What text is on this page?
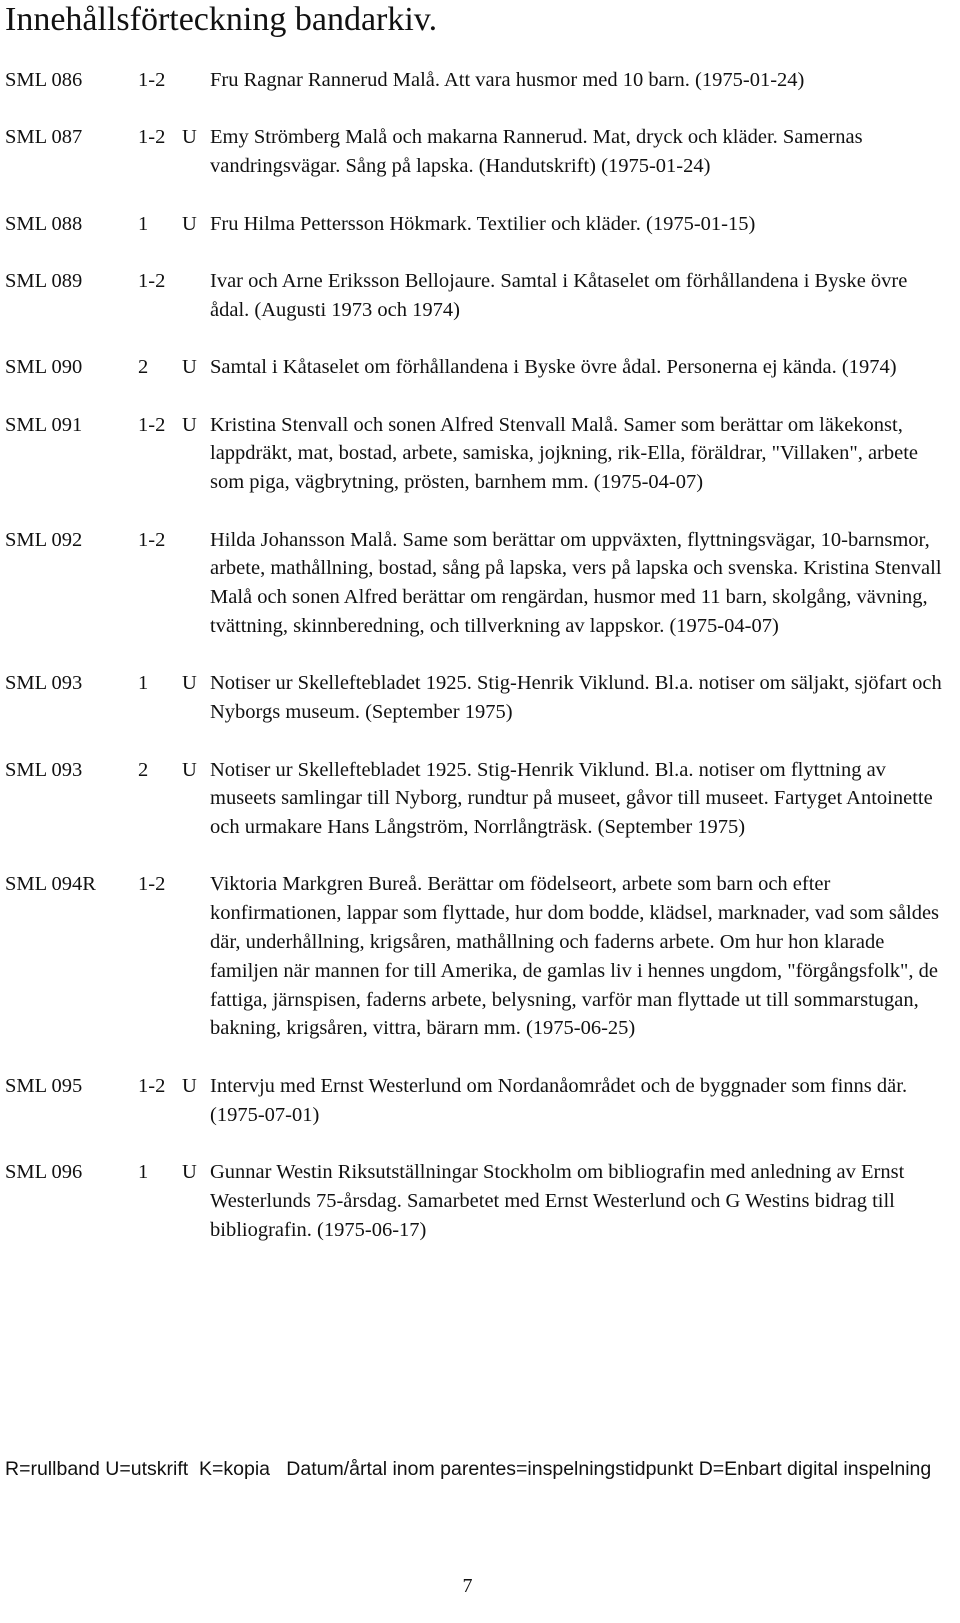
Innehållsförteckning bandarkiv.
SML 086	1-2	Fru Ragnar Rannerud Malå. Att vara husmor med 10 barn. (1975-01-24)
SML 087	1-2 U Emy Strömberg Malå och makarna Rannerud. Mat, dryck och kläder. Samernas vandringsvägar. Sång på lapska. (Handutskrift) (1975-01-24)
SML 088	1	U Fru Hilma Pettersson Hökmark. Textilier och kläder. (1975-01-15)
SML 089	1-2	Ivar och Arne Eriksson Bellojaure. Samtal i Kåtaselet om förhållandena i Byske övre ådal. (Augusti 1973 och 1974)
SML 090	2	U Samtal i Kåtaselet om förhållandena i Byske övre ådal. Personerna ej kända. (1974)
SML 091	1-2 U Kristina Stenvall och sonen Alfred Stenvall Malå. Samer som berättar om läkekonst, lappdräkt, mat, bostad, arbete, samiska, jojkning, rik-Ella, föräldrar, "Villaken", arbete som piga, vägbrytning, prösten, barnhem mm. (1975-04-07)
SML 092	1-2	Hilda Johansson Malå. Same som berättar om uppväxten, flyttningsvägar, 10-barnsmor, arbete, mathållning, bostad, sång på lapska, vers på lapska och svenska. Kristina Stenvall Malå och sonen Alfred berättar om rengärdan, husmor med 11 barn, skolgång, vävning, tvättning, skinnberedning, och tillverkning av lappskor. (1975-04-07)
SML 093	1	U Notiser ur Skelleftebladet 1925. Stig-Henrik Viklund. Bl.a. notiser om säljakt, sjöfart och Nyborgs museum. (September 1975)
SML 093	2	U Notiser ur Skelleftebladet 1925. Stig-Henrik Viklund. Bl.a. notiser om flyttning av museets samlingar till Nyborg, rundtur på museet, gåvor till museet. Fartyget Antoinette och urmakare Hans Långström, Norrlångträsk. (September 1975)
SML 094R	1-2	Viktoria Markgren Bureå. Berättar om födelseort, arbete som barn och efter konfirmationen, lappar som flyttade, hur dom bodde, klädsel, marknader, vad som såldes där, underhållning, krigsåren, mathållning och faderns arbete. Om hur hon klarade familjen när mannen for till Amerika, de gamlas liv i hennes ungdom, "förgångsfolk", de fattiga, järnspisen, faderns arbete, belysning, varför man flyttade ut till sommarstugan, bakning, krigsåren, vittra, bärarn mm. (1975-06-25)
SML 095	1-2 U Intervju med Ernst Westerlund om Nordanåområdet och de byggnader som finns där. (1975-07-01)
SML 096	1	U Gunnar Westin Riksutställningar Stockholm om bibliografin med anledning av Ernst Westerlunds 75-årsdag. Samarbetet med Ernst Westerlund och G Westins bidrag till bibliografin. (1975-06-17)
R=rullband U=utskrift  K=kopia   Datum/årtal inom parentes=inspelningstidpunkt D=Enbart digital inspelning
7
